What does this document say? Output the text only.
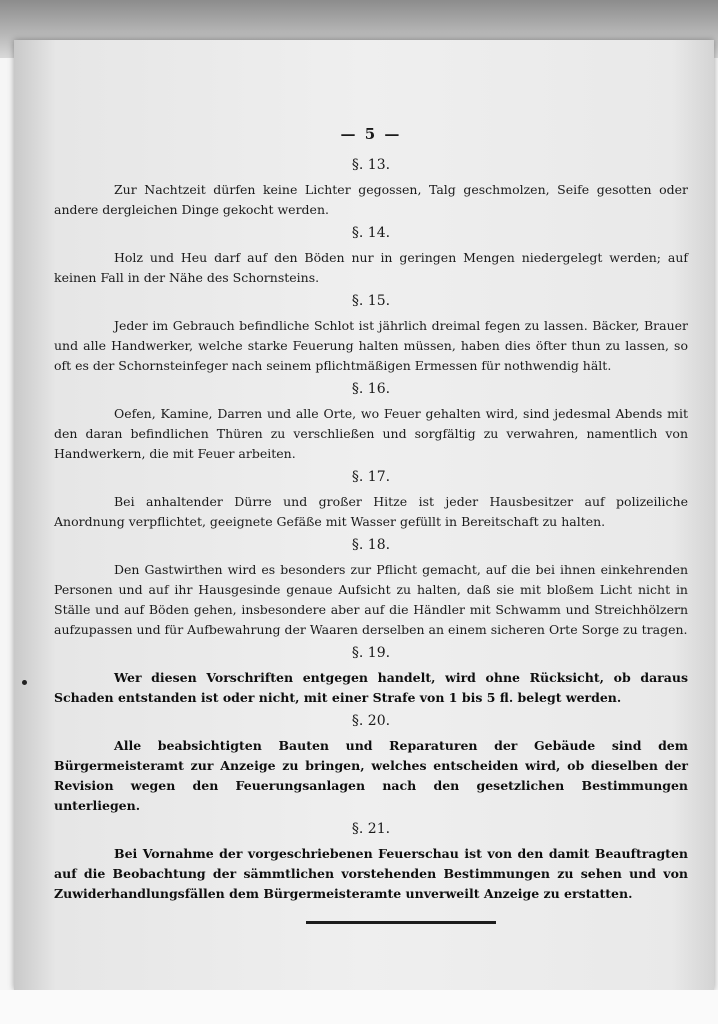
— 5 —
§. 13.

Zur Nachtzeit dürfen keine Lichter gegossen, Talg geschmolzen, Seife gesotten oder andere dergleichen Dinge gekocht werden.

§. 14.

Holz und Heu darf auf den Böden nur in geringen Mengen niedergelegt werden; auf keinen Fall in der Nähe des Schornsteins.

§. 15.

Jeder im Gebrauch befindliche Schlot ist jährlich dreimal fegen zu lassen. Bäcker, Brauer und alle Handwerker, welche starke Feuerung halten müssen, haben dies öfter thun zu lassen, so oft es der Schornsteinfeger nach seinem pflichtmäßigen Ermessen für nothwendig hält.

§. 16.

Oefen, Kamine, Darren und alle Orte, wo Feuer gehalten wird, sind jedesmal Abends mit den daran befindlichen Thüren zu verschließen und sorgfältig zu verwahren, namentlich von Handwerkern, die mit Feuer arbeiten.

§. 17.

Bei anhaltender Dürre und großer Hitze ist jeder Hausbesitzer auf polizeiliche Anordnung verpflichtet, geeignete Gefäße mit Wasser gefüllt in Bereitschaft zu halten.

§. 18.

Den Gastwirthen wird es besonders zur Pflicht gemacht, auf die bei ihnen einkehrenden Personen und auf ihr Hausgesinde genaue Aufsicht zu halten, daß sie mit bloßem Licht nicht in Ställe und auf Böden gehen, insbesondere aber auf die Händler mit Schwamm und Streichhölzern aufzupassen und für Aufbewahrung der Waaren derselben an einem sicheren Orte Sorge zu tragen.

§. 19.

Wer diesen Vorschriften entgegen handelt, wird ohne Rücksicht, ob daraus Schaden entstanden ist oder nicht, mit einer Strafe von 1 bis 5 fl. belegt werden.

§. 20.

Alle beabsichtigten Bauten und Reparaturen der Gebäude sind dem Bürgermeisteramt zur Anzeige zu bringen, welches entscheiden wird, ob dieselben der Revision wegen den Feuerungsanlagen nach den gesetzlichen Bestimmungen unterliegen.

§. 21.

Bei Vornahme der vorgeschriebenen Feuerschau ist von den damit Beauftragten auf die Beobachtung der sämmtlichen vorstehenden Bestimmungen zu sehen und von Zuwiderhandlungsfällen dem Bürgermeisteramte unverweilt Anzeige zu erstatten.
